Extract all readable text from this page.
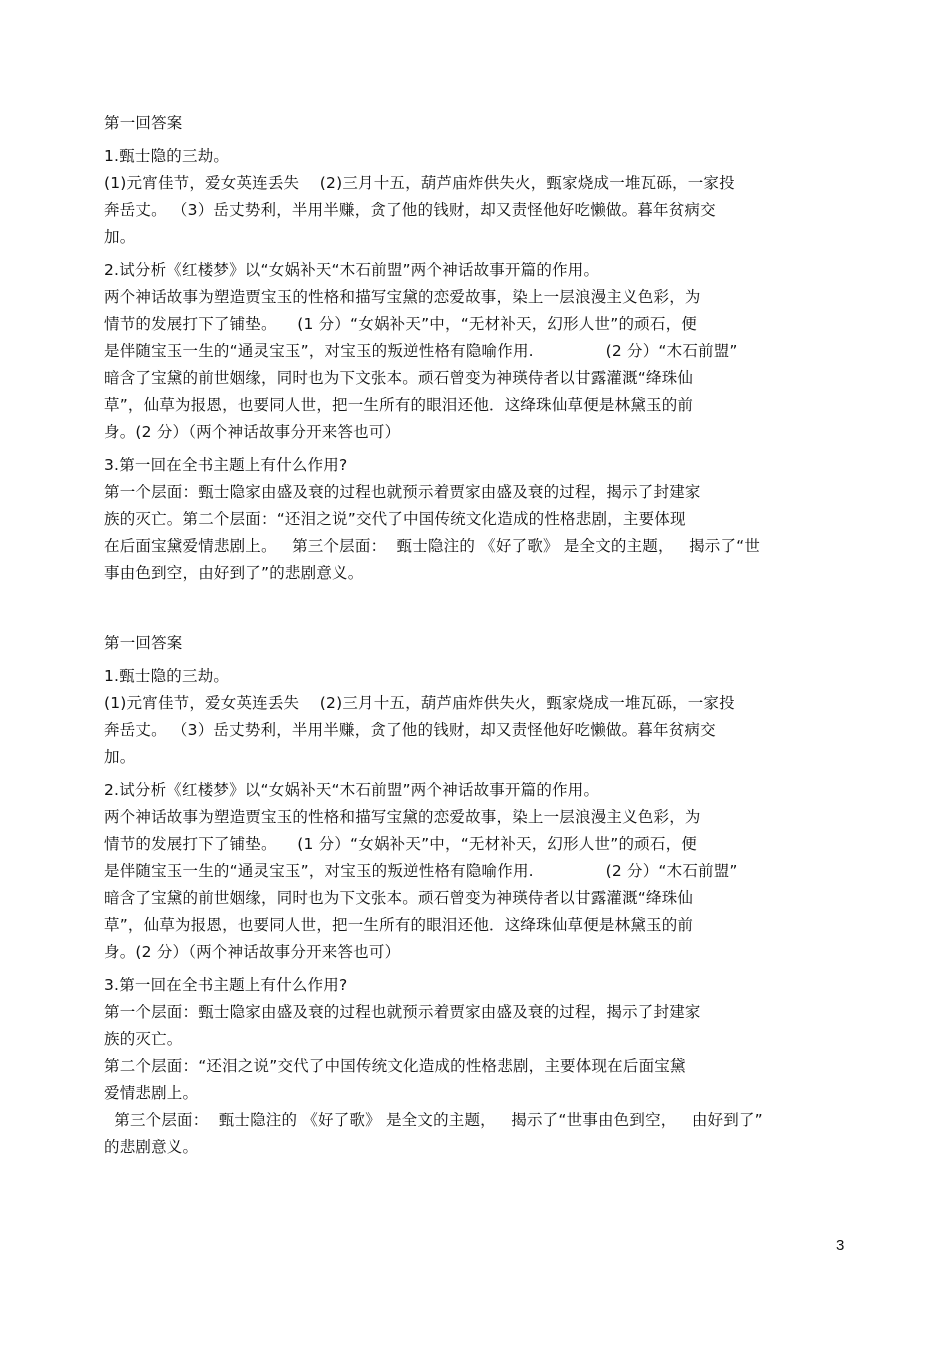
第一回答案
1.甄士隐的三劫。
(1)元宵佳节，爱女英连丢失    (2)三月十五，葫芦庙炸供失火，甄家烧成一堆瓦砾，一家投
奔岳丈。 （3）岳丈势利，半用半赚，贪了他的钱财，却又责怪他好吃懒做。暮年贫病交
加。
2.试分析《红楼梦》以“女娲补天“木石前盟”两个神话故事开篇的作用。
两个神话故事为塑造贾宝玉的性格和描写宝黛的恋爱故事，染上一层浪漫主义色彩，为
情节的发展打下了铺垫。    (1 分）“女娲补天”中，“无材补天，幻形人世”的顽石，便
是伴随宝玉一生的“通灵宝玉”，对宝玉的叛逆性格有隐喻作用.              (2 分）“木石前盟”
暗含了宝黛的前世姻缘，同时也为下文张本。顽石曾变为神瑛侍者以甘露灌溉“绛珠仙
草”，仙草为报恩，也要同人世，把一生所有的眼泪还他．这绛珠仙草便是林黛玉的前
身。(2 分）（两个神话故事分开来答也可）
3.第一回在全书主题上有什么作用?
第一个层面：甄士隐家由盛及衰的过程也就预示着贾家由盛及衰的过程，揭示了封建家
族的灭亡。第二个层面：“还泪之说”交代了中国传统文化造成的性格悲剧，主要体现
在后面宝黛爱情悲剧上。   第三个层面：  甄士隐注的 《好了歌》 是全文的主题，   揭示了“世
事由色到空，由好到了”的悲剧意义。
第一回答案
1.甄士隐的三劫。
(1)元宵佳节，爱女英连丢失    (2)三月十五，葫芦庙炸供失火，甄家烧成一堆瓦砾，一家投
奔岳丈。 （3）岳丈势利，半用半赚，贪了他的钱财，却又责怪他好吃懒做。暮年贫病交
加。
2.试分析《红楼梦》以“女娲补天“木石前盟”两个神话故事开篇的作用。
两个神话故事为塑造贾宝玉的性格和描写宝黛的恋爱故事，染上一层浪漫主义色彩，为
情节的发展打下了铺垫。    (1 分）“女娲补天”中，“无材补天，幻形人世”的顽石，便
是伴随宝玉一生的“通灵宝玉”，对宝玉的叛逆性格有隐喻作用.              (2 分）“木石前盟”
暗含了宝黛的前世姻缘，同时也为下文张本。顽石曾变为神瑛侍者以甘露灌溉“绛珠仙
草”，仙草为报恩，也要同人世，把一生所有的眼泪还他．这绛珠仙草便是林黛玉的前
身。(2 分）（两个神话故事分开来答也可）
3.第一回在全书主题上有什么作用?
第一个层面：甄士隐家由盛及衰的过程也就预示着贾家由盛及衰的过程，揭示了封建家
族的灭亡。
第二个层面：“还泪之说”交代了中国传统文化造成的性格悲剧，主要体现在后面宝黛
爱情悲剧上。
第三个层面：  甄士隐注的 《好了歌》 是全文的主题，   揭示了“世事由色到空，   由好到了”
的悲剧意义。
3
